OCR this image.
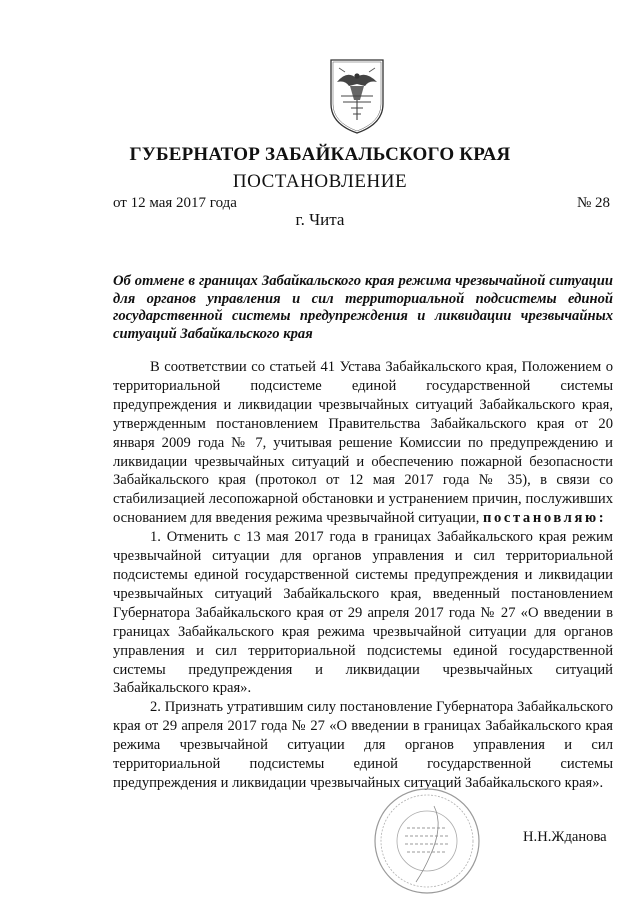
ГУБЕРНАТОР ЗАБАЙКАЛЬСКОГО КРАЯ
ПОСТАНОВЛЕНИЕ
от 12 мая 2017 года	№ 28
г. Чита
Об отмене в границах Забайкальского края режима чрезвычайной ситуации для органов управления и сил территориальной подсистемы единой государственной системы предупреждения и ликвидации чрезвычайных ситуаций Забайкальского края

В соответствии со статьей 41 Устава Забайкальского края, Положением о территориальной подсистеме единой государственной системы предупреждения и ликвидации чрезвычайных ситуаций Забайкальского края, утвержденным постановлением Правительства Забайкальского края от 20 января 2009 года № 7, учитывая решение Комиссии по предупреждению и ликвидации чрезвычайных ситуаций и обеспечению пожарной безопасности Забайкальского края (протокол от 12 мая 2017 года № 35), в связи со стабилизацией лесопожарной обстановки и устранением причин, послуживших основанием для введения режима чрезвычайной ситуации, постановляю:

1. Отменить с 13 мая 2017 года в границах Забайкальского края режим чрезвычайной ситуации для органов управления и сил территориальной подсистемы единой государственной системы предупреждения и ликвидации чрезвычайных ситуаций Забайкальского края, введенный постановлением Губернатора Забайкальского края от 29 апреля 2017 года № 27 «О введении в границах Забайкальского края режима чрезвычайной ситуации для органов управления и сил территориальной подсистемы единой государственной системы предупреждения и ликвидации чрезвычайных ситуаций Забайкальского края».

2. Признать утратившим силу постановление Губернатора Забайкальского края от 29 апреля 2017 года № 27 «О введении в границах Забайкальского края режима чрезвычайной ситуации для органов управления и сил территориальной подсистемы единой государственной системы предупреждения и ликвидации чрезвычайных ситуаций Забайкальского края».

Н.Н.Жданова
